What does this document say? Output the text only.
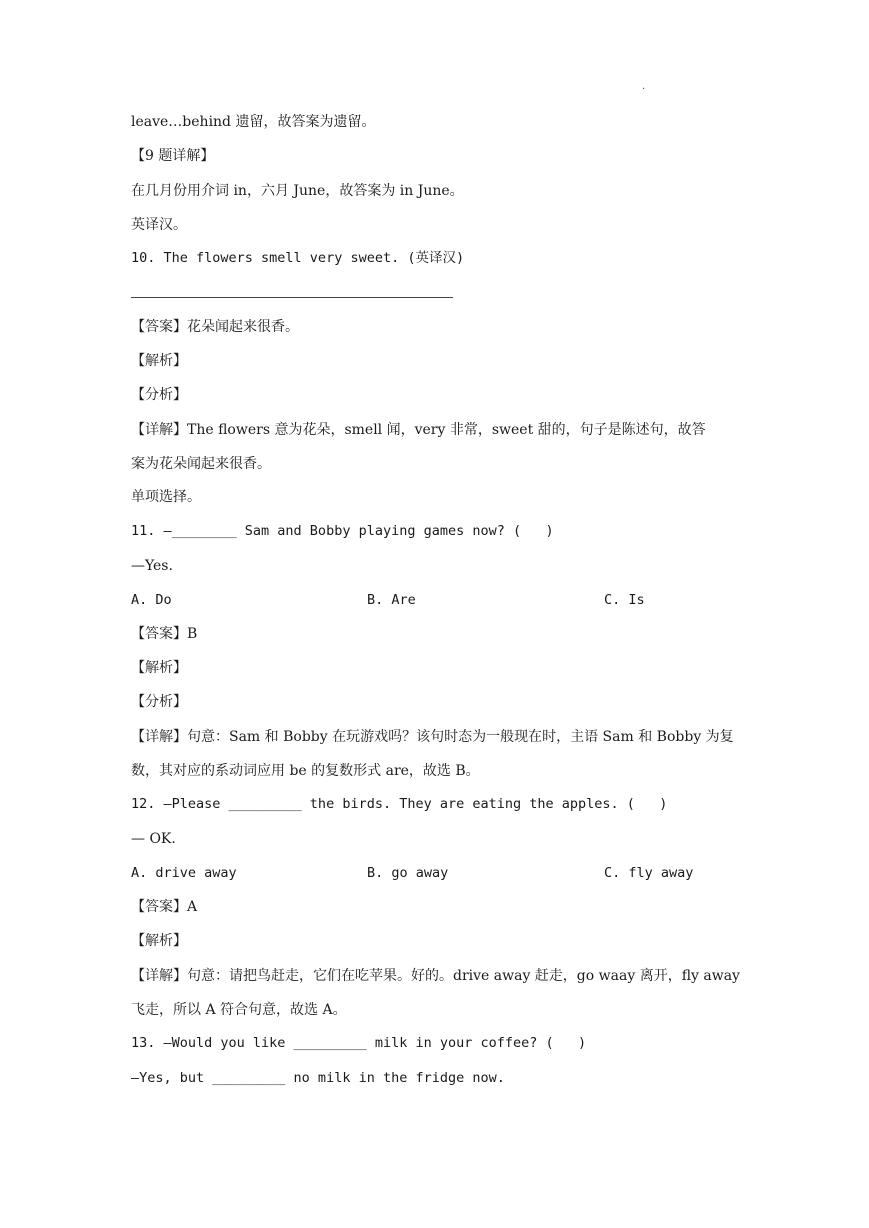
·
leave…behind 遗留，故答案为遗留。
【9 题详解】
在几月份用介词 in，六月 June，故答案为 in June。
英译汉。
10. The flowers smell very sweet. (英译汉)
【答案】花朵闻起来很香。
【解析】
【分析】
【详解】The flowers 意为花朵，smell 闻，very 非常，sweet 甜的，句子是陈述句，故答
案为花朵闻起来很香。
单项选择。
11. —________ Sam and Bobby playing games now? (   )
—Yes.
A. Do	B. Are	C. Is
【答案】B
【解析】
【分析】
【详解】句意：Sam 和 Bobby 在玩游戏吗？该句时态为一般现在时，主语 Sam 和 Bobby 为复
数，其对应的系动词应用 be 的复数形式 are，故选 B。
12. —Please _________ the birds. They are eating the apples. (   )
— OK.
A. drive away	B. go away	C. fly away
【答案】A
【解析】
【详解】句意：请把鸟赶走，它们在吃苹果。好的。drive away 赶走，go waay 离开，fly away
飞走，所以 A 符合句意，故选 A。
13. —Would you like _________ milk in your coffee? (   )
—Yes, but _________ no milk in the fridge now.
